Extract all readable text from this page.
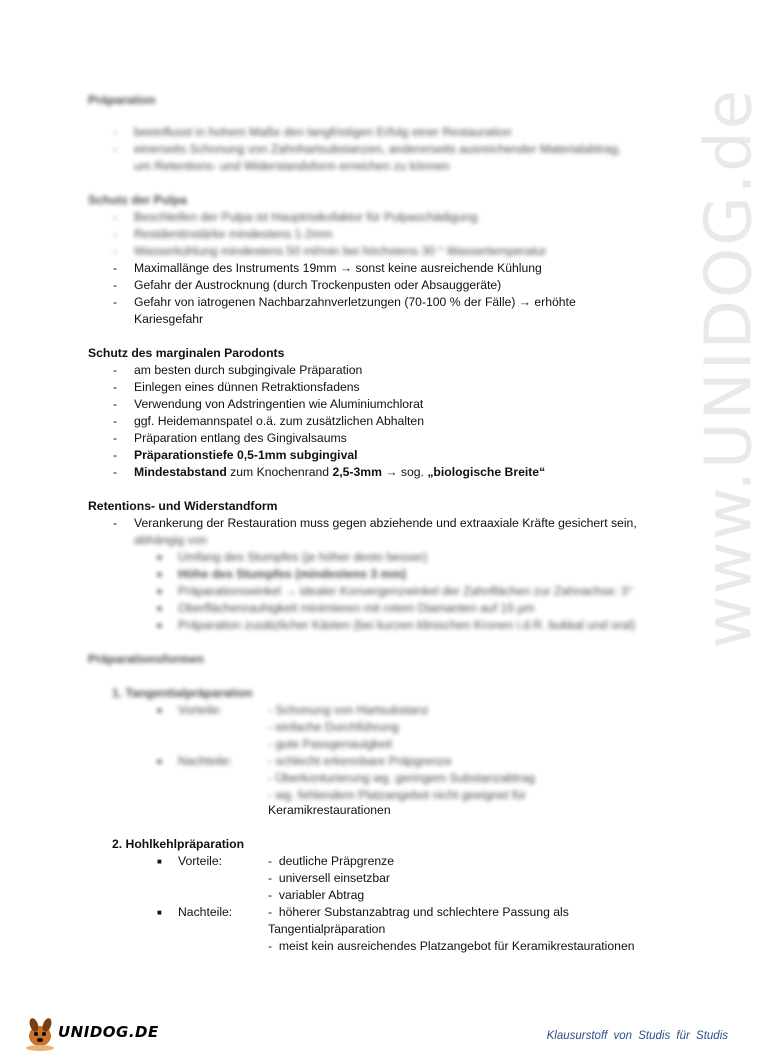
www.UNIDOG.de
Präparation
- beeinflusst in hohem Maße den langfristigen Erfolg einer Restauration
- einerseits Schonung von Zahnhartsubstanzen, andererseits ausreichender Materialabtrag,
um Retentions- und Widerstandsform erreichen zu können
Schutz der Pulpa
- Beschleifen der Pulpa ist Hauptrisikofaktor für Pulpaschädigung
- Restdentinstärke mindestens 1-2mm
- Wasserkühlung mindestens 50 ml/min bei höchstens 30 ° Wassertemperatur
- Maximallänge des Instruments 19mm → sonst keine ausreichende Kühlung
- Gefahr der Austrocknung (durch Trockenpusten oder Absauggeräte)
- Gefahr von iatrogenen Nachbarzahnverletzungen (70-100 % der Fälle) → erhöhte
Kariesgefahr
Schutz des marginalen Parodonts
- am besten durch subgingivale Präparation
- Einlegen eines dünnen Retraktionsfadens
- Verwendung von Adstringentien wie Aluminiumchlorat
- ggf. Heidemannspatel o.ä. zum zusätzlichen Abhalten
- Präparation entlang des Gingivalsaums
- Präparationstiefe 0,5-1mm subgingival
- Mindestabstand zum Knochenrand 2,5-3mm → sog. „biologische Breite“
Retentions- und Widerstandform
- Verankerung der Restauration muss gegen abziehende und extraaxiale Kräfte gesichert sein,
abhängig von
■ Umfang des Stumpfes (je höher desto besser)
■ Höhe des Stumpfes (mindestens 3 mm)
■ Präparationswinkel → idealer Konvergenzwinkel der Zahnflächen zur Zahnachse: 3°
■ Oberflächenrauhigkeit minimieren mit rotem Diamanten auf 15 µm
■ Präparation zusätzlicher Kästen (bei kurzen klinischen Kronen i.d.R. bukkal und oral)
Präparationsformen
1. Tangentialpräparation
■ Vorteile:	- Schonung von Hartsubstanz
- einfache Durchführung
- gute Passgenauigkeit
■ Nachteile:	- schlecht erkennbare Präpgrenze
- Überkonturierung wg. geringem Substanzabtrag
- wg. fehlendem Platzangebot nicht geeignet für
Keramikrestaurationen
2. Hohlkehlpräparation
■ Vorteile:	-  deutliche Präpgrenze
-  universell einsetzbar
-  variabler Abtrag
■ Nachteile:	-  höherer Substanzabtrag und schlechtere Passung als
Tangentialpräparation
-  meist kein ausreichendes Platzangebot für Keramikrestaurationen
UNIDOG.DE	Klausurstoff von Studis für Studis
